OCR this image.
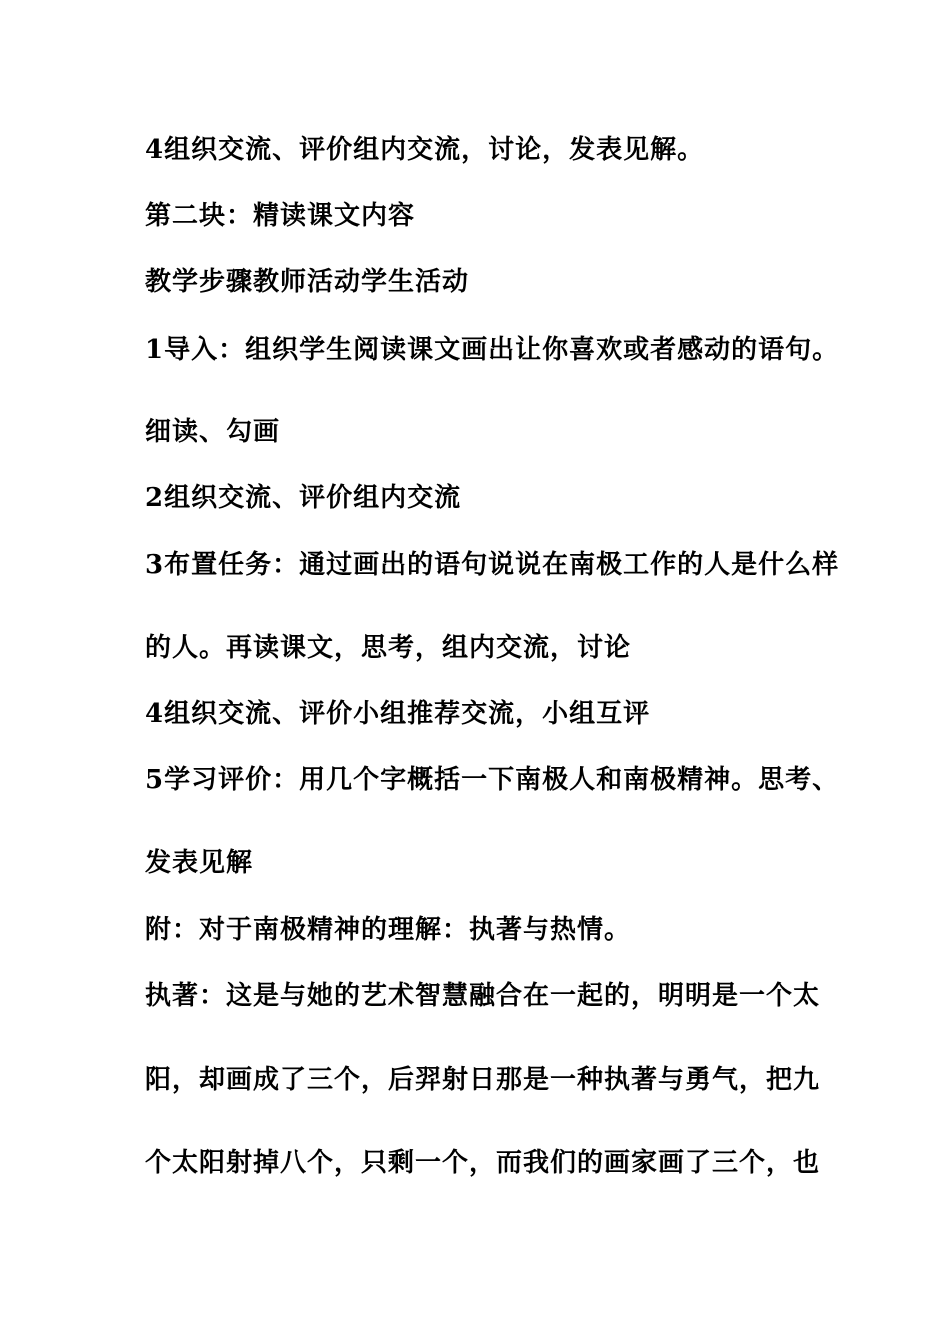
4组织交流、评价组内交流，讨论，发表见解。
第二块：精读课文内容
教学步骤教师活动学生活动
1导入：组织学生阅读课文画出让你喜欢或者感动的语句。
细读、勾画
2组织交流、评价组内交流
3布置任务：通过画出的语句说说在南极工作的人是什么样
的人。再读课文，思考，组内交流，讨论
4组织交流、评价小组推荐交流，小组互评
5学习评价：用几个字概括一下南极人和南极精神。思考、
发表见解
附：对于南极精神的理解：执著与热情。
执著：这是与她的艺术智慧融合在一起的，明明是一个太
阳，却画成了三个，后羿射日那是一种执著与勇气，把九
个太阳射掉八个，只剩一个，而我们的画家画了三个，也
